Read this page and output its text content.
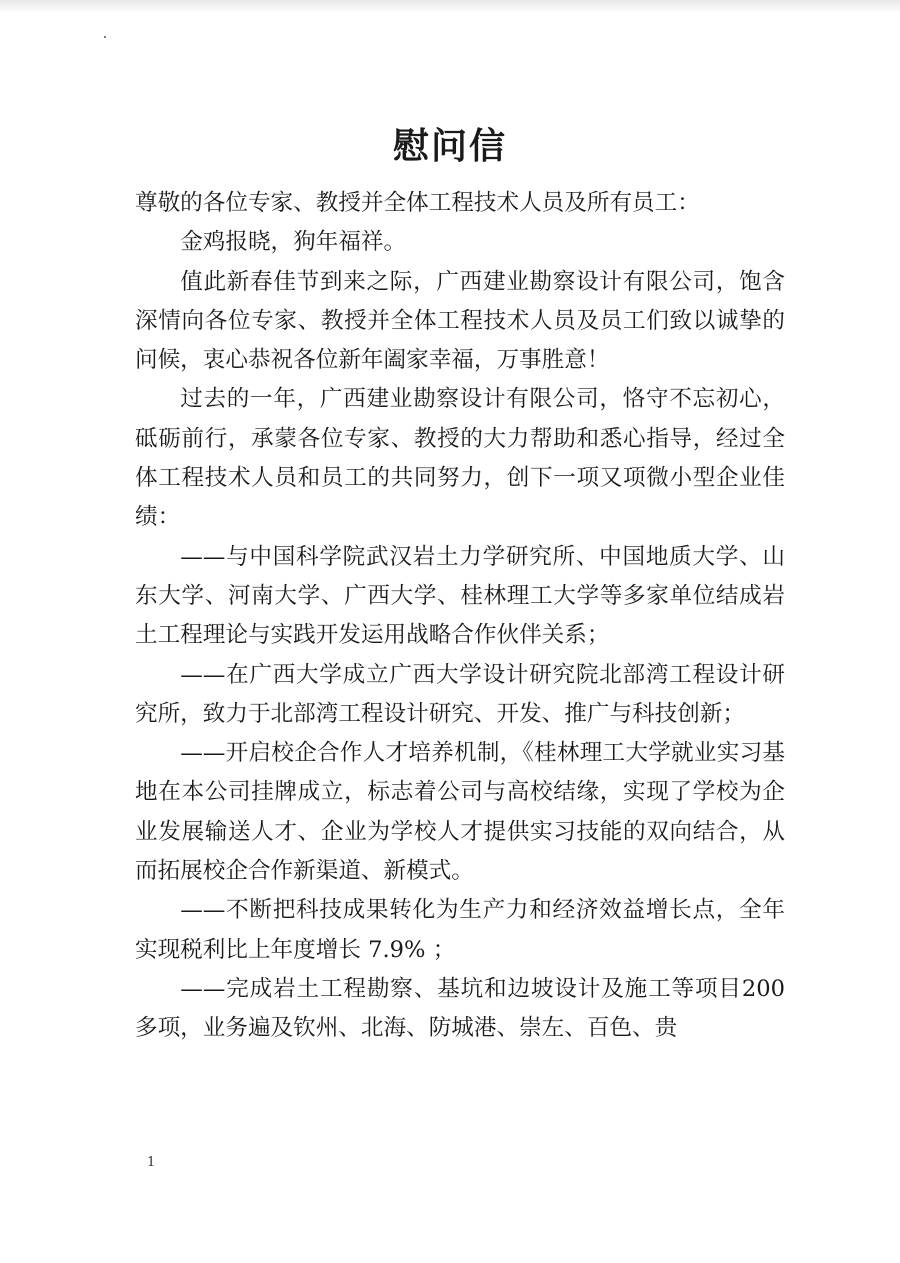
慰问信

尊敬的各位专家、教授并全体工程技术人员及所有员工：

金鸡报晓，狗年福祥。

值此新春佳节到来之际，广西建业勘察设计有限公司，饱含深情向各位专家、教授并全体工程技术人员及员工们致以诚挚的问候，衷心恭祝各位新年阖家幸福，万事胜意！

过去的一年，广西建业勘察设计有限公司，恪守不忘初心，砥砺前行，承蒙各位专家、教授的大力帮助和悉心指导，经过全体工程技术人员和员工的共同努力，创下一项又项微小型企业佳绩：

——与中国科学院武汉岩土力学研究所、中国地质大学、山东大学、河南大学、广西大学、桂林理工大学等多家单位结成岩土工程理论与实践开发运用战略合作伙伴关系；

——在广西大学成立广西大学设计研究院北部湾工程设计研究所，致力于北部湾工程设计研究、开发、推广与科技创新；

——开启校企合作人才培养机制，《桂林理工大学就业实习基地在本公司挂牌成立，标志着公司与高校结缘，实现了学校为企业发展输送人才、企业为学校人才提供实习技能的双向结合，从而拓展校企合作新渠道、新模式。

——不断把科技成果转化为生产力和经济效益增长点，全年实现税利比上年度增长 7.9% ；

——完成岩土工程勘察、基坑和边坡设计及施工等项目200 多项，业务遍及钦州、北海、防城港、崇左、百色、贵

1
